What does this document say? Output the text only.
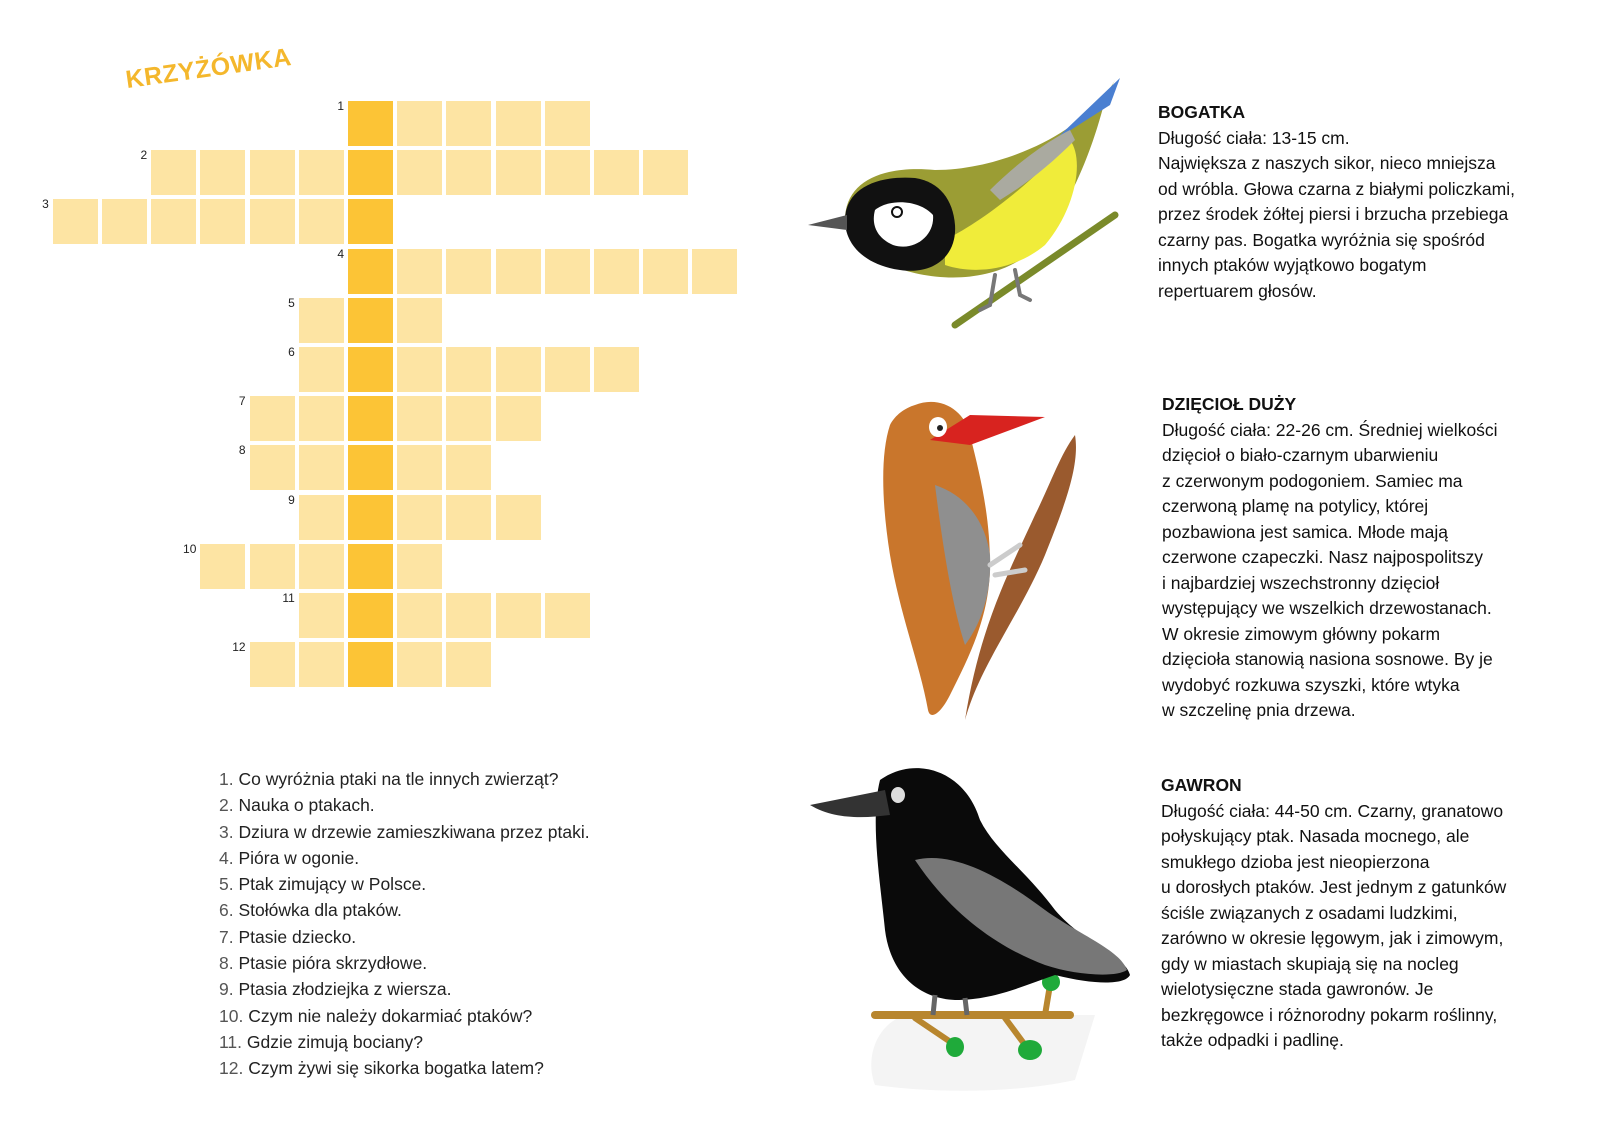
KRZYŻÓWKA
1
2
3
4
5
6
7
8
9
10
11
12
1. Co wyróżnia ptaki na tle innych zwierząt?
2. Nauka o ptakach.
3. Dziura w drzewie zamieszkiwana przez ptaki.
4. Pióra w ogonie.
5. Ptak zimujący w Polsce.
6. Stołówka dla ptaków.
7. Ptasie dziecko.
8. Ptasie pióra skrzydłowe.
9. Ptasia złodziejka z wiersza.
10. Czym nie należy dokarmiać ptaków?
11. Gdzie zimują bociany?
12. Czym żywi się sikorka bogatka latem?
BOGATKA

Długość ciała: 13-15 cm.

Największa z naszych sikor, nieco mniejsza

od wróbla. Głowa czarna z białymi policzkami,

przez środek żółtej piersi i brzucha przebiega

czarny pas. Bogatka wyróżnia się spośród

innych ptaków wyjątkowo bogatym

repertuarem głosów.

DZIĘCIOŁ DUŻY

Długość ciała: 22-26 cm. Średniej wielkości

dzięcioł o biało-czarnym ubarwieniu

z czerwonym podogoniem. Samiec ma

czerwoną plamę na potylicy, której

pozbawiona jest samica. Młode mają

czerwone czapeczki. Nasz najpospolitszy

i najbardziej wszechstronny dzięcioł

występujący we wszelkich drzewostanach.

W okresie zimowym główny pokarm

dzięcioła stanowią nasiona sosnowe. By je

wydobyć rozkuwa szyszki, które wtyka

w szczelinę pnia drzewa.

GAWRON

Długość ciała: 44-50 cm. Czarny, granatowo

połyskujący ptak. Nasada mocnego, ale

smukłego dzioba jest nieopierzona

u dorosłych ptaków. Jest jednym z gatunków

ściśle związanych z osadami ludzkimi,

zarówno w okresie lęgowym, jak i zimowym,

gdy w miastach skupiają się na nocleg

wielotysięczne stada gawronów. Je

bezkręgowce i różnorodny pokarm roślinny,

także odpadki i padlinę.
